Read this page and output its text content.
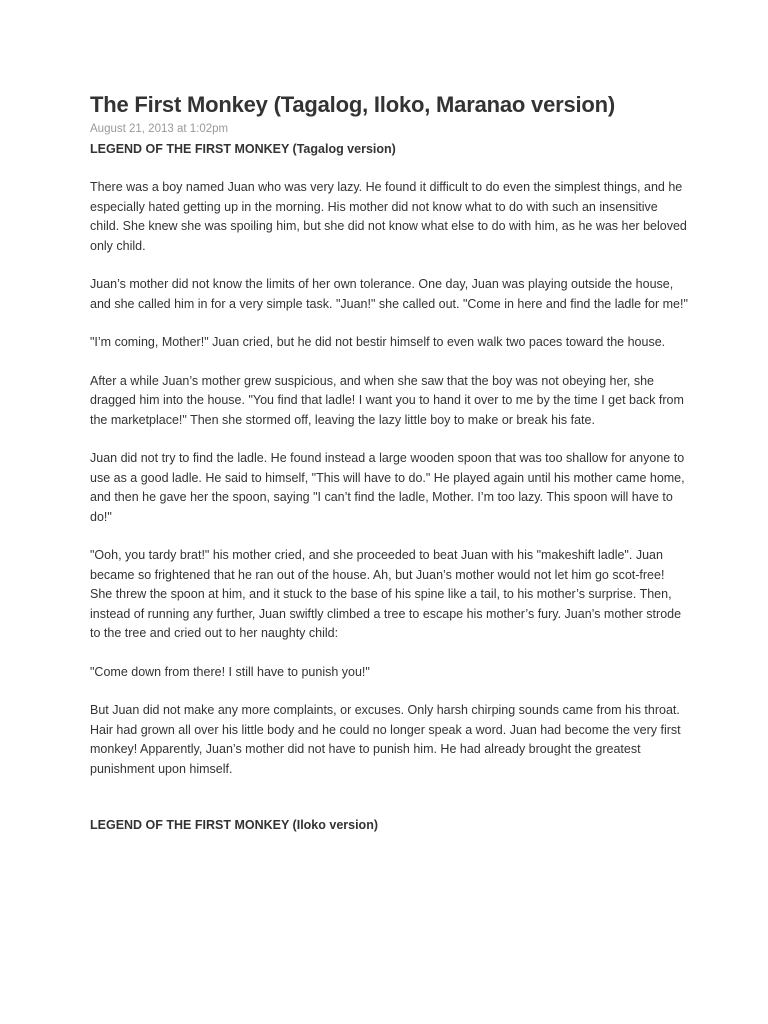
The First Monkey (Tagalog, Iloko, Maranao version)
August 21, 2013 at 1:02pm
LEGEND OF THE FIRST MONKEY (Tagalog version)

There was a boy named Juan who was very lazy. He found it difficult to do even the simplest things, and he especially hated getting up in the morning. His mother did not know what to do with such an insensitive child. She knew she was spoiling him, but she did not know what else to do with him, as he was her beloved only child.

Juan’s mother did not know the limits of her own tolerance. One day, Juan was playing outside the house, and she called him in for a very simple task. "Juan!" she called out. "Come in here and find the ladle for me!"

"I’m coming, Mother!" Juan cried, but he did not bestir himself to even walk two paces toward the house.

After a while Juan’s mother grew suspicious, and when she saw that the boy was not obeying her, she dragged him into the house. "You find that ladle! I want you to hand it over to me by the time I get back from the marketplace!" Then she stormed off, leaving the lazy little boy to make or break his fate.

Juan did not try to find the ladle. He found instead a large wooden spoon that was too shallow for anyone to use as a good ladle. He said to himself, "This will have to do." He played again until his mother came home, and then he gave her the spoon, saying "I can’t find the ladle, Mother. I’m too lazy. This spoon will have to do!"

"Ooh, you tardy brat!" his mother cried, and she proceeded to beat Juan with his "makeshift ladle". Juan became so frightened that he ran out of the house. Ah, but Juan’s mother would not let him go scot-free! She threw the spoon at him, and it stuck to the base of his spine like a tail, to his mother’s surprise. Then, instead of running any further, Juan swiftly climbed a tree to escape his mother’s fury. Juan’s mother strode to the tree and cried out to her naughty child:

"Come down from there! I still have to punish you!"

But Juan did not make any more complaints, or excuses. Only harsh chirping sounds came from his throat. Hair had grown all over his little body and he could no longer speak a word. Juan had become the very first monkey! Apparently, Juan’s mother did not have to punish him. He had already brought the greatest punishment upon himself.

LEGEND OF THE FIRST MONKEY (Iloko version)
